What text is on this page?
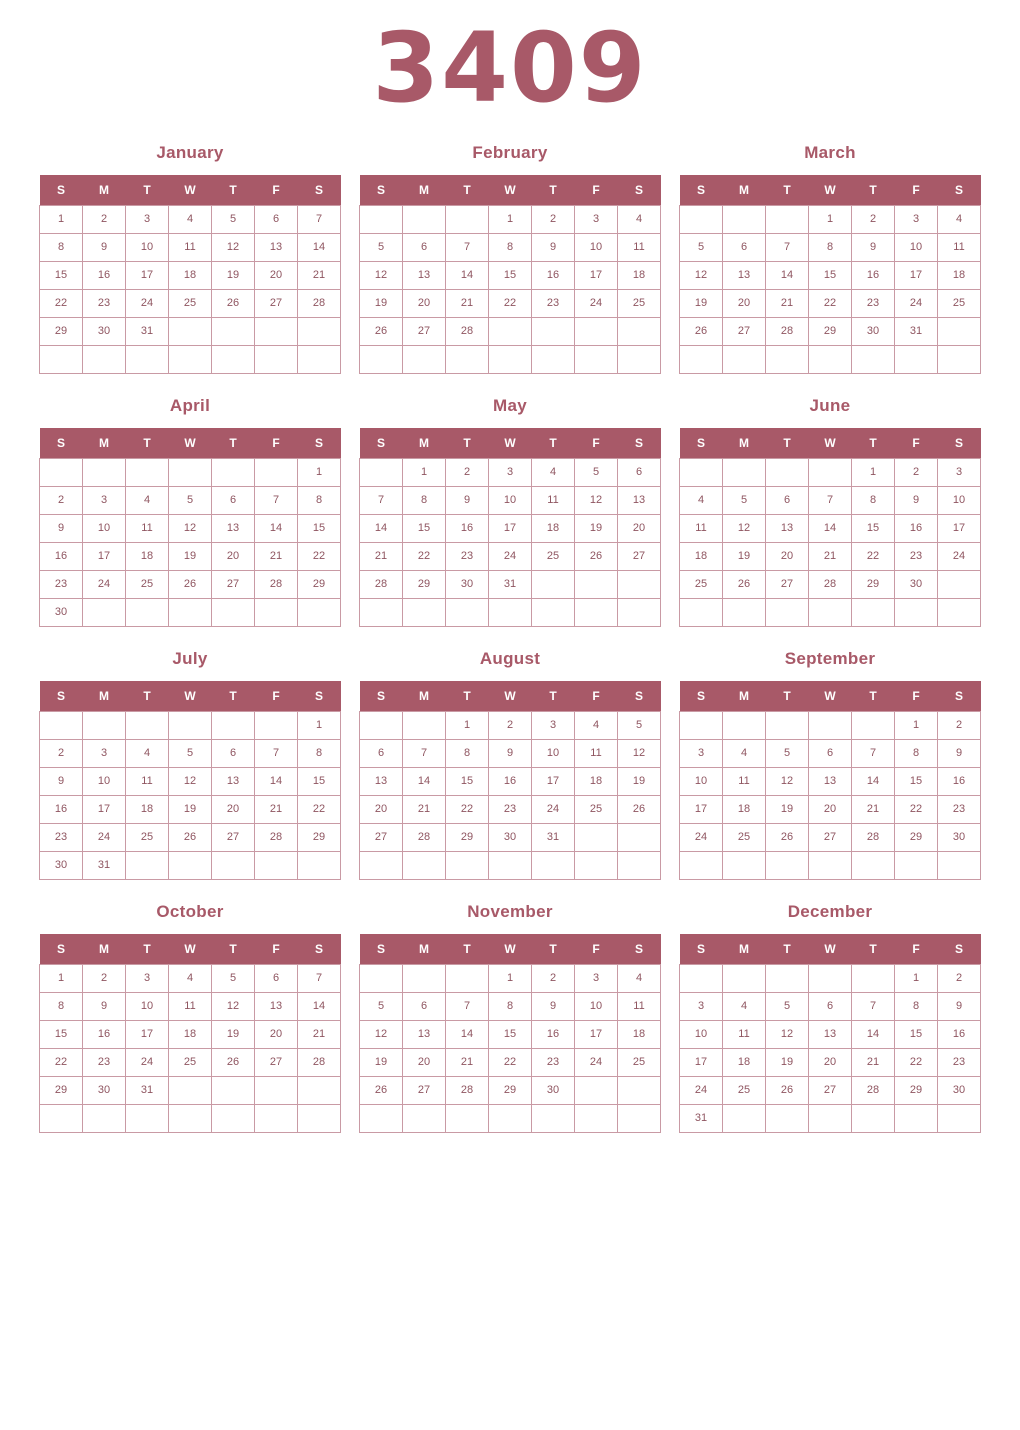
3409
January
S	M	T	W	T	F	S
1	2	3	4	5	6	7
8	9	10	11	12	13	14
15	16	17	18	19	20	21
22	23	24	25	26	27	28
29	30	31				

February
S	M	T	W	T	F	S
			1	2	3	4
5	6	7	8	9	10	11
12	13	14	15	16	17	18
19	20	21	22	23	24	25
26	27	28				

March
S	M	T	W	T	F	S
			1	2	3	4
5	6	7	8	9	10	11
12	13	14	15	16	17	18
19	20	21	22	23	24	25
26	27	28	29	30	31	

April
S	M	T	W	T	F	S
						1
2	3	4	5	6	7	8
9	10	11	12	13	14	15
16	17	18	19	20	21	22
23	24	25	26	27	28	29
30						
May
S	M	T	W	T	F	S
	1	2	3	4	5	6
7	8	9	10	11	12	13
14	15	16	17	18	19	20
21	22	23	24	25	26	27
28	29	30	31			

June
S	M	T	W	T	F	S
				1	2	3
4	5	6	7	8	9	10
11	12	13	14	15	16	17
18	19	20	21	22	23	24
25	26	27	28	29	30	

July
S	M	T	W	T	F	S
						1
2	3	4	5	6	7	8
9	10	11	12	13	14	15
16	17	18	19	20	21	22
23	24	25	26	27	28	29
30	31					
August
S	M	T	W	T	F	S
		1	2	3	4	5
6	7	8	9	10	11	12
13	14	15	16	17	18	19
20	21	22	23	24	25	26
27	28	29	30	31		

September
S	M	T	W	T	F	S
					1	2
3	4	5	6	7	8	9
10	11	12	13	14	15	16
17	18	19	20	21	22	23
24	25	26	27	28	29	30

October
S	M	T	W	T	F	S
1	2	3	4	5	6	7
8	9	10	11	12	13	14
15	16	17	18	19	20	21
22	23	24	25	26	27	28
29	30	31				

November
S	M	T	W	T	F	S
			1	2	3	4
5	6	7	8	9	10	11
12	13	14	15	16	17	18
19	20	21	22	23	24	25
26	27	28	29	30		

December
S	M	T	W	T	F	S
					1	2
3	4	5	6	7	8	9
10	11	12	13	14	15	16
17	18	19	20	21	22	23
24	25	26	27	28	29	30
31						
